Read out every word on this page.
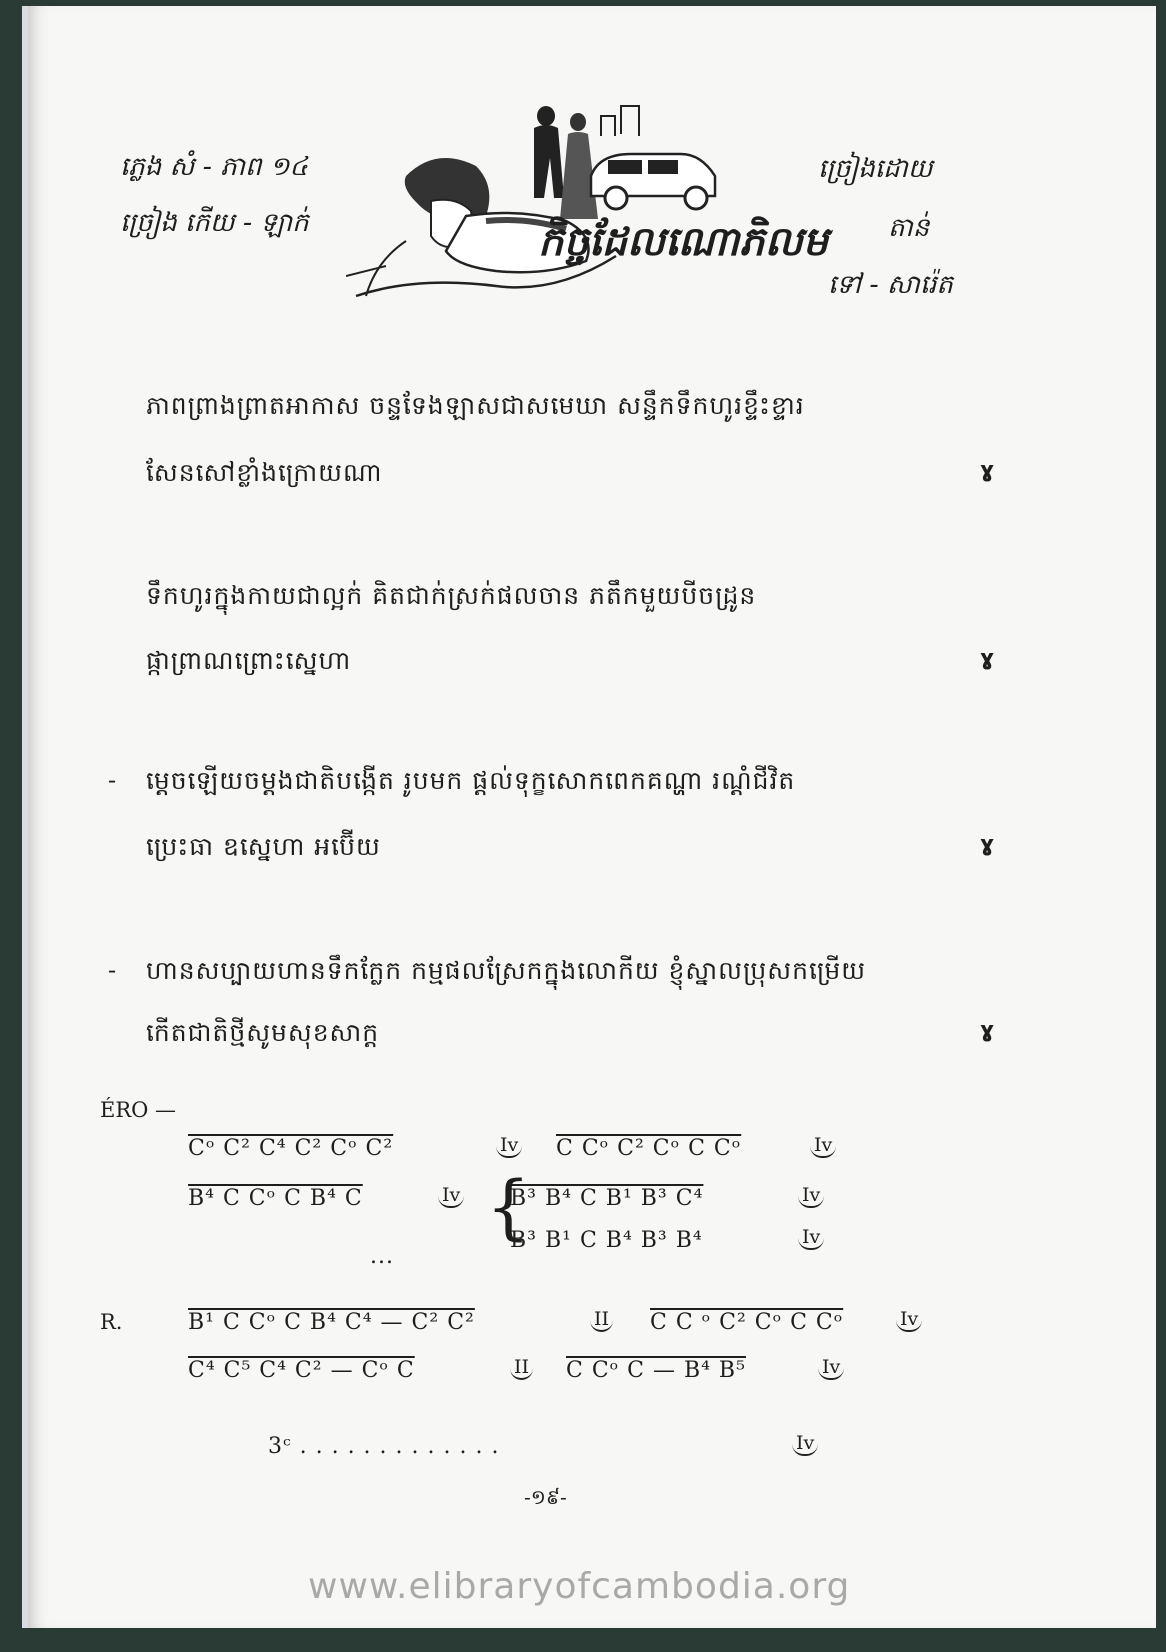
ភ្លេង សំ - ភាព ១៤
ច្រៀង កើយ - ឡាក់	កិច្ចដែលណោភិលម
ច្រៀងដោយ
តាន់
ទៅ - សារ៉េត
ភាពព្រាងព្រាតអាកាស ចន្ទទែងឡាសជាសមេឃា សន្ទឹកទឹកហូរខ្ទឹះខ្ទារ
សែនសៅខ្លាំងក្រោយណា	ɣ
ទឹកហូរក្នុងកាយជាល្អក់ គិតជាក់ស្រក់ផលចាន ភតឹកមួយបីចដ្រូន
ផ្កាព្រាណព្រោះស្នេហា	ɣ
- ម្ដេចឡើយចម្ដងជាតិបង្កើត រូបមក ផ្តល់ទុក្ខសោកពេកគណ្ហា រណ្ដំជីវិត
ប្រេះធា ឧស្នេហា អប៊ើយ	ɣ
- ហានសប្បាយហានទឹកក្លែក កម្មផលស្រែកក្នុងលោកីយ ខ្ញុំស្នាលប្រុសកម្រើយ
កើតជាតិថ្មីសូមសុខសាក្ត	ɣ
ÉRO —
Cᵒ C² C⁴ C² Cᵒ C²	Iv C Cᵒ C² Cᵒ C Cᵒ	Iv
B⁴ C Cᵒ C B⁴ C	Iv {
B³ B⁴ C B¹ B³ C⁴	Iv
B³ B¹ C B⁴ B³ B⁴	Iv
...
R.	B¹ C Cᵒ C B⁴ C⁴ — C² C²	II C C ᵒ C² Cᵒ C Cᵒ	Iv
C⁴ C⁵ C⁴ C² — Cᵒ C	II C Cᵒ C — B⁴ B⁵	Iv
3ᶜ . . . . . . . . . . . . .	Iv
-១៩-
www.elibraryofcambodia.org
